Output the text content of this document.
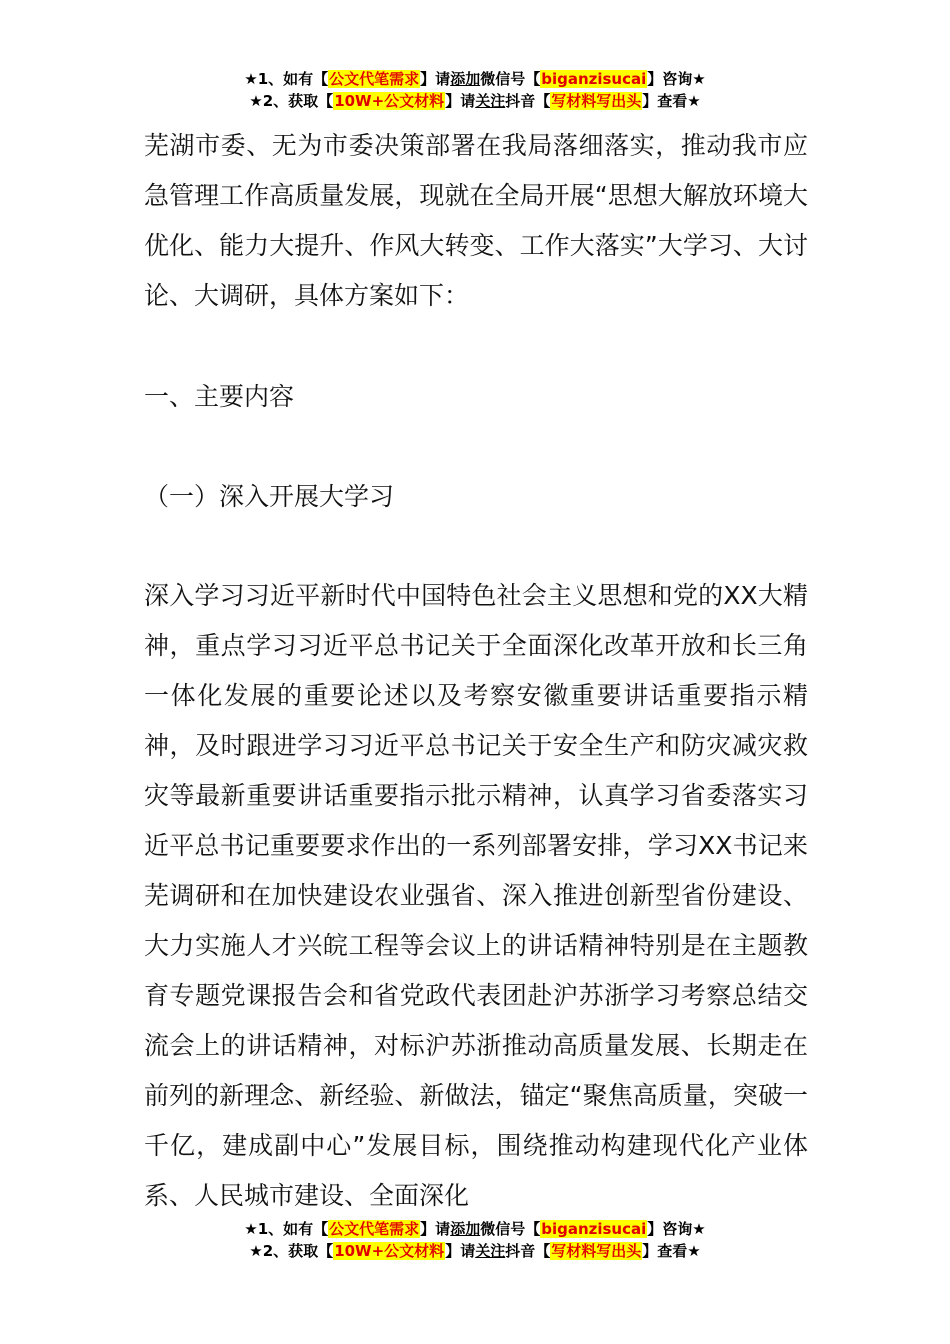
★1、如有【公文代笔需求】请添加微信号【biganzisucai】咨询★
★2、获取【10W+公文材料】请关注抖音【写材料写出头】查看★

芜湖市委、无为市委决策部署在我局落细落实，推动我市应急管理工作高质量发展，现就在全局开展“思想大解放环境大优化、能力大提升、作风大转变、工作大落实”大学习、大讨论、大调研，具体方案如下：

一、主要内容

（一）深入开展大学习

深入学习习近平新时代中国特色社会主义思想和党的XX大精神，重点学习习近平总书记关于全面深化改革开放和长三角一体化发展的重要论述以及考察安徽重要讲话重要指示精神，及时跟进学习习近平总书记关于安全生产和防灾减灾救灾等最新重要讲话重要指示批示精神，认真学习省委落实习近平总书记重要要求作出的一系列部署安排，学习XX书记来芜调研和在加快建设农业强省、深入推进创新型省份建设、大力实施人才兴皖工程等会议上的讲话精神特别是在主题教育专题党课报告会和省党政代表团赴沪苏浙学习考察总结交流会上的讲话精神，对标沪苏浙推动高质量发展、长期走在前列的新理念、新经验、新做法，锚定“聚焦高质量，突破一千亿，建成副中心”发展目标，围绕推动构建现代化产业体系、人民城市建设、全面深化

★1、如有【公文代笔需求】请添加微信号【biganzisucai】咨询★
★2、获取【10W+公文材料】请关注抖音【写材料写出头】查看★
